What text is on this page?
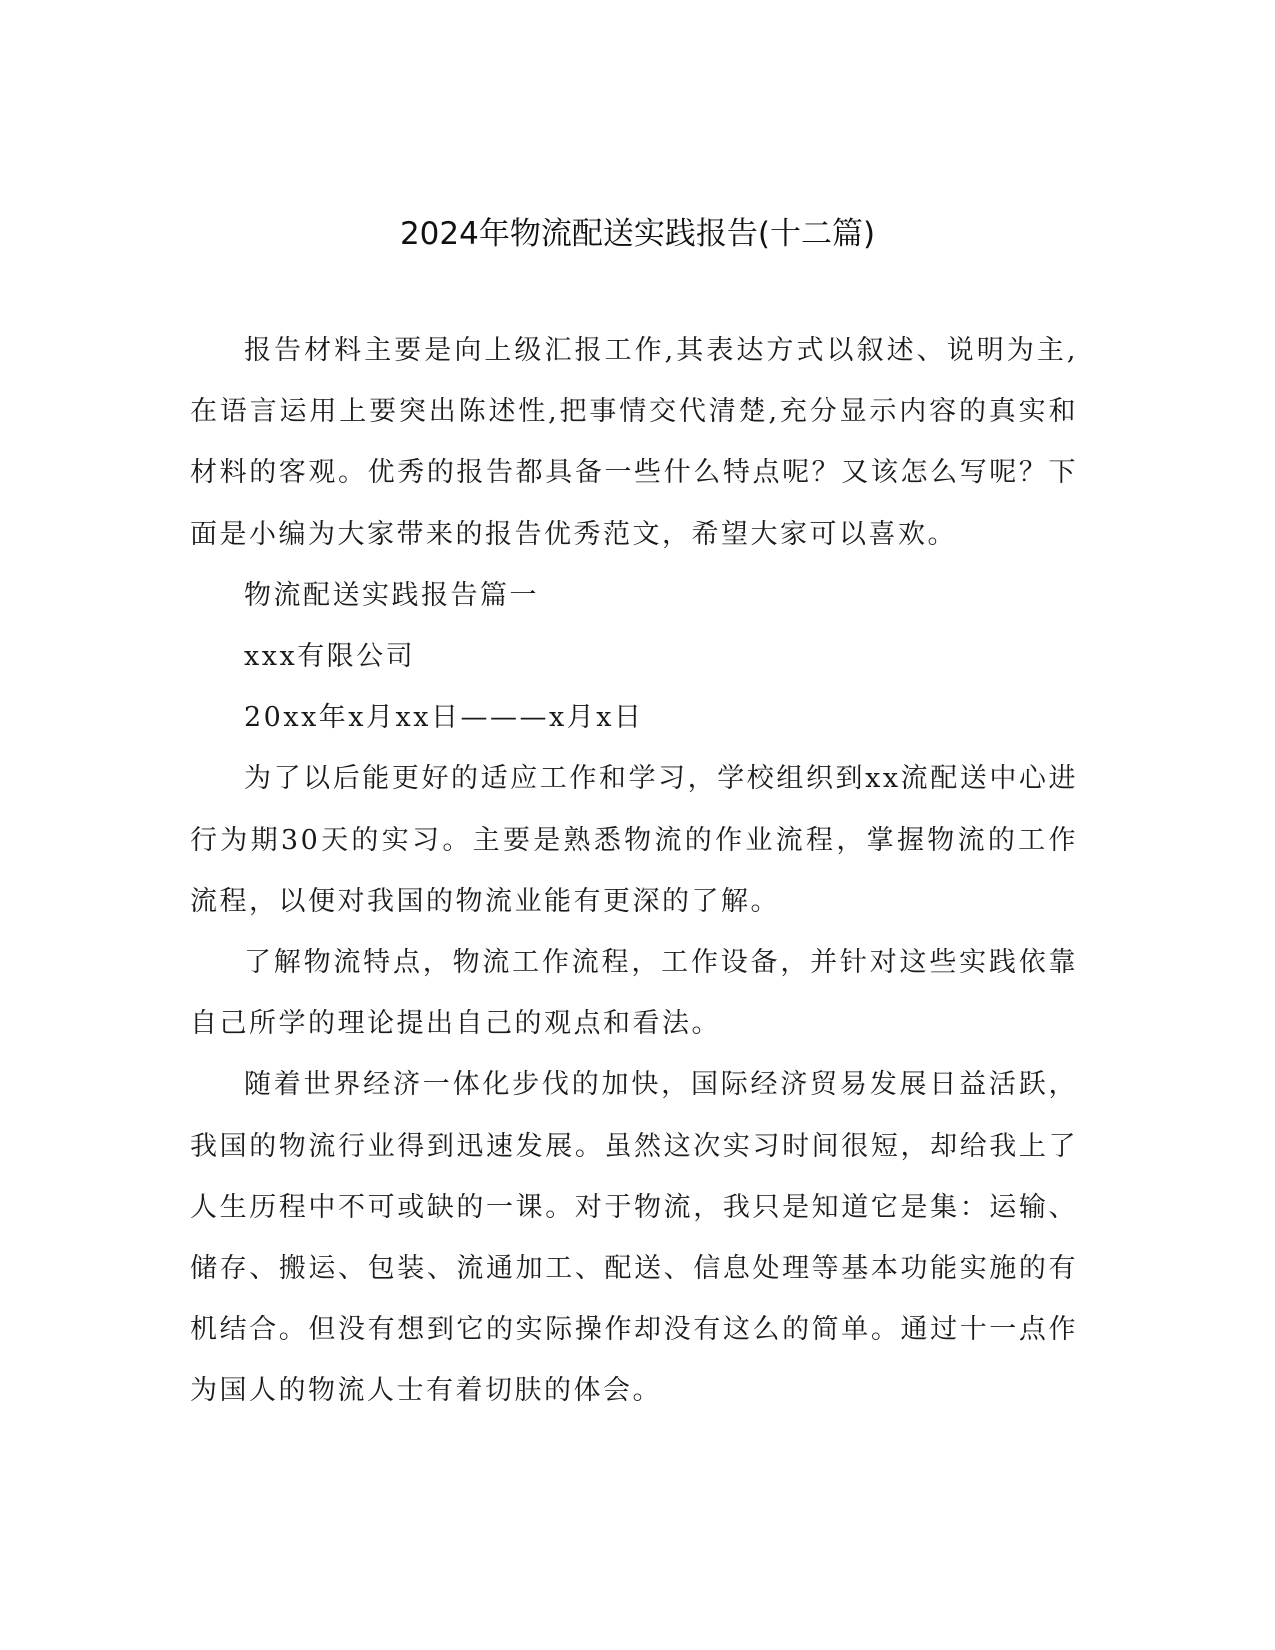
2024年物流配送实践报告(十二篇)

报告材料主要是向上级汇报工作,其表达方式以叙述、说明为主,在语言运用上要突出陈述性,把事情交代清楚,充分显示内容的真实和材料的客观。优秀的报告都具备一些什么特点呢？又该怎么写呢？下面是小编为大家带来的报告优秀范文，希望大家可以喜欢。

物流配送实践报告篇一

xxx有限公司

20xx年x月xx日———x月x日

为了以后能更好的适应工作和学习，学校组织到xx流配送中心进行为期30天的实习。主要是熟悉物流的作业流程，掌握物流的工作流程，以便对我国的物流业能有更深的了解。

了解物流特点，物流工作流程，工作设备，并针对这些实践依靠自己所学的理论提出自己的观点和看法。

随着世界经济一体化步伐的加快，国际经济贸易发展日益活跃，我国的物流行业得到迅速发展。虽然这次实习时间很短，却给我上了人生历程中不可或缺的一课。对于物流，我只是知道它是集：运输、储存、搬运、包装、流通加工、配送、信息处理等基本功能实施的有机结合。但没有想到它的实际操作却没有这么的简单。通过十一点作为国人的物流人士有着切肤的体会。
